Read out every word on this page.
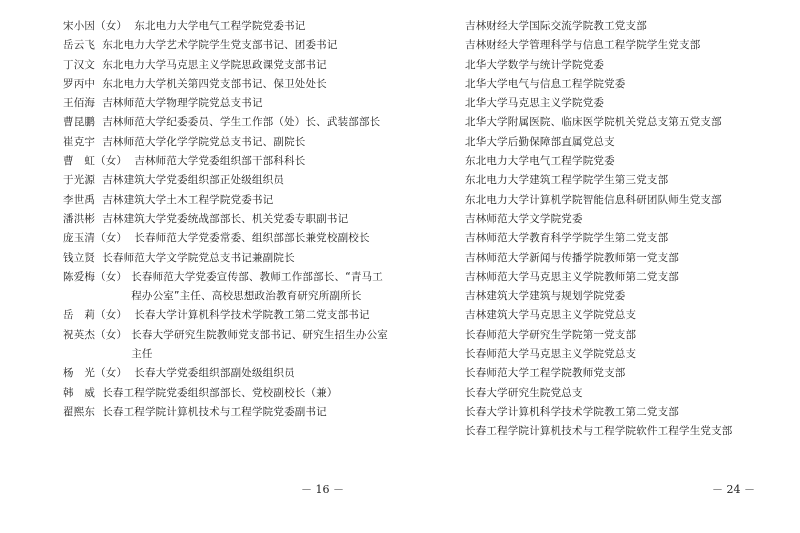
宋小因（女） 东北电力大学电气工程学院党委书记
岳云飞 东北电力大学艺术学院学生党支部书记、团委书记
丁汉文 东北电力大学马克思主义学院思政课党支部书记
罗丙中 东北电力大学机关第四党支部书记、保卫处处长
王佰海 吉林师范大学物理学院党总支书记
曹昆鹏 吉林师范大学纪委委员、学生工作部（处）长、武装部部长
崔克宇 吉林师范大学化学学院党总支书记、副院长
曹　虹（女） 吉林师范大学党委组织部干部科科长
于光源 吉林建筑大学党委组织部正处级组织员
李世禹 吉林建筑大学土木工程学院党委书记
潘洪彬 吉林建筑大学党委统战部部长、机关党委专职副书记
庞玉清（女） 长春师范大学党委常委、组织部部长兼党校副校长
钱立贤 长春师范大学文学院党总支书记兼副院长
陈爱梅（女） 长春师范大学党委宣传部、教师工作部部长、“青马工程办公室”主任、高校思想政治教育研究所副所长
岳　莉（女） 长春大学计算机科学技术学院教工第二党支部书记
祝英杰（女） 长春大学研究生院教师党支部书记、研究生招生办公室主任
杨　光（女） 长春大学党委组织部副处级组织员
韩　威 长春工程学院党委组织部部长、党校副校长（兼）
翟熙东 长春工程学院计算机技术与工程学院党委副书记
－ 16 －
吉林财经大学国际交流学院教工党支部
吉林财经大学管理科学与信息工程学院学生党支部
北华大学数学与统计学院党委
北华大学电气与信息工程学院党委
北华大学马克思主义学院党委
北华大学附属医院、临床医学院机关党总支第五党支部
北华大学后勤保障部直属党总支
东北电力大学电气工程学院党委
东北电力大学建筑工程学院学生第三党支部
东北电力大学计算机学院智能信息科研团队师生党支部
吉林师范大学文学院党委
吉林师范大学教育科学学院学生第二党支部
吉林师范大学新闻与传播学院教师第一党支部
吉林师范大学马克思主义学院教师第二党支部
吉林建筑大学建筑与规划学院党委
吉林建筑大学马克思主义学院党总支
长春师范大学研究生学院第一党支部
长春师范大学马克思主义学院党总支
长春师范大学工程学院教师党支部
长春大学研究生院党总支
长春大学计算机科学技术学院教工第二党支部
长春工程学院计算机技术与工程学院软件工程学生党支部
－ 24 －
